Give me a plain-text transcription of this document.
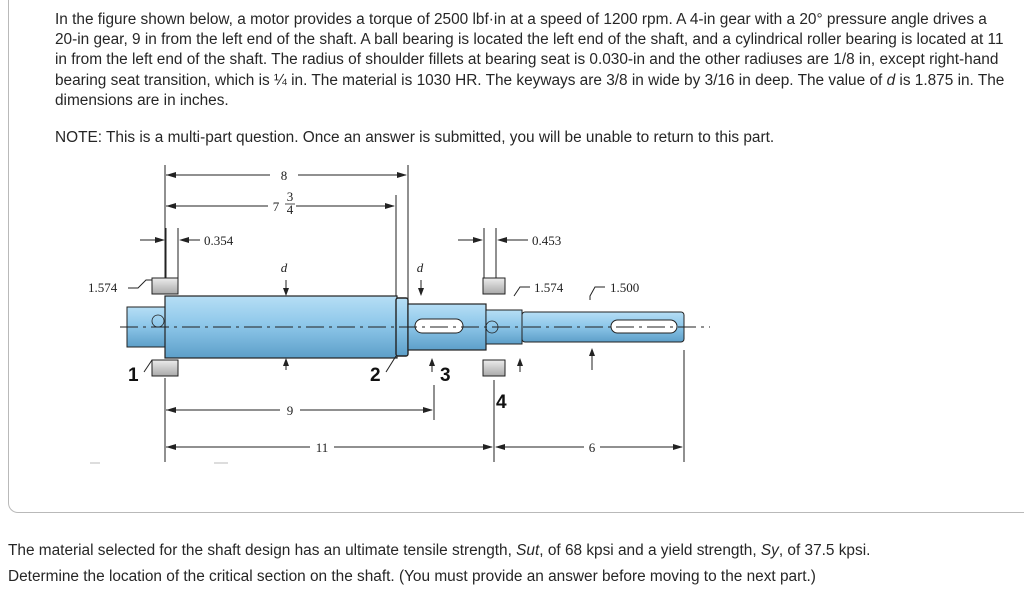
In the figure shown below, a motor provides a torque of 2500 lbf·in at a speed of 1200 rpm. A 4-in gear with a 20° pressure angle drives a 20-in gear, 9 in from the left end of the shaft. A ball bearing is located the left end of the shaft, and a cylindrical roller bearing is located at 11 in from the left end of the shaft. The radius of shoulder fillets at bearing seat is 0.030-in and the other radiuses are 1/8 in, except right-hand bearing seat transition, which is ¼ in. The material is 1030 HR. The keyways are 3/8 in wide by 3/16 in deep. The value of d is 1.875 in. The dimensions are in inches.

NOTE: This is a multi-part question. Once an answer is submitted, you will be unable to return to this part.

8
7
3
4
0.354	0.453
d	d
1.574	1.574	1.500
1	2	3
4
9
11	6

The material selected for the shaft design has an ultimate tensile strength, Sut, of 68 kpsi and a yield strength, Sy, of 37.5 kpsi.
Determine the location of the critical section on the shaft. (You must provide an answer before moving to the next part.)
